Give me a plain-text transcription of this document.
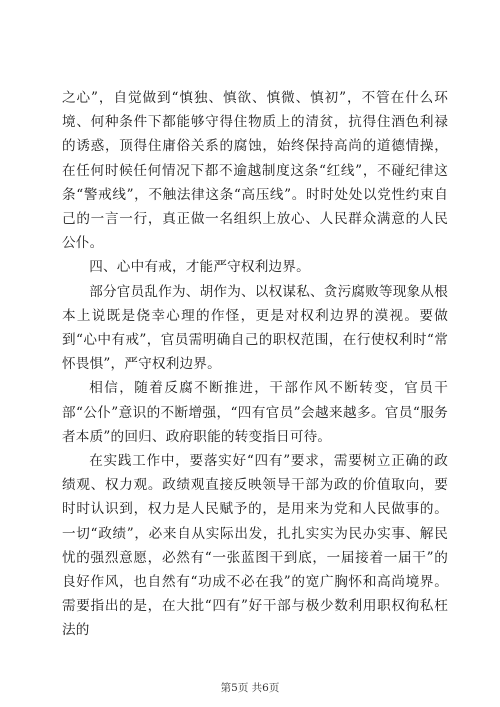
之心”，自觉做到“慎独、慎欲、慎微、慎初”，不管在什么环境、何种条件下都能够守得住物质上的清贫，抗得住酒色利禄的诱惑，顶得住庸俗关系的腐蚀，始终保持高尚的道德情操，在任何时候任何情况下都不逾越制度这条“红线”，不碰纪律这条“警戒线”，不触法律这条“高压线”。时时处处以党性约束自己的一言一行，真正做一名组织上放心、人民群众满意的人民公仆。

四、心中有戒，才能严守权利边界。

部分官员乱作为、胡作为、以权谋私、贪污腐败等现象从根本上说既是侥幸心理的作怪，更是对权利边界的漠视。要做到“心中有戒”，官员需明确自己的职权范围，在行使权利时“常怀畏惧”，严守权利边界。

相信，随着反腐不断推进，干部作风不断转变，官员干部“公仆”意识的不断增强，“四有官员”会越来越多。官员“服务者本质”的回归、政府职能的转变指日可待。

在实践工作中，要落实好“四有”要求，需要树立正确的政绩观、权力观。政绩观直接反映领导干部为政的价值取向，要时时认识到，权力是人民赋予的，是用来为党和人民做事的。一切“政绩”，必来自从实际出发，扎扎实实为民办实事、解民忧的强烈意愿，必然有“一张蓝图干到底，一届接着一届干”的良好作风，也自然有“功成不必在我”的宽广胸怀和高尚境界。需要指出的是，在大批“四有”好干部与极少数利用职权徇私枉法的

第5页 共6页
